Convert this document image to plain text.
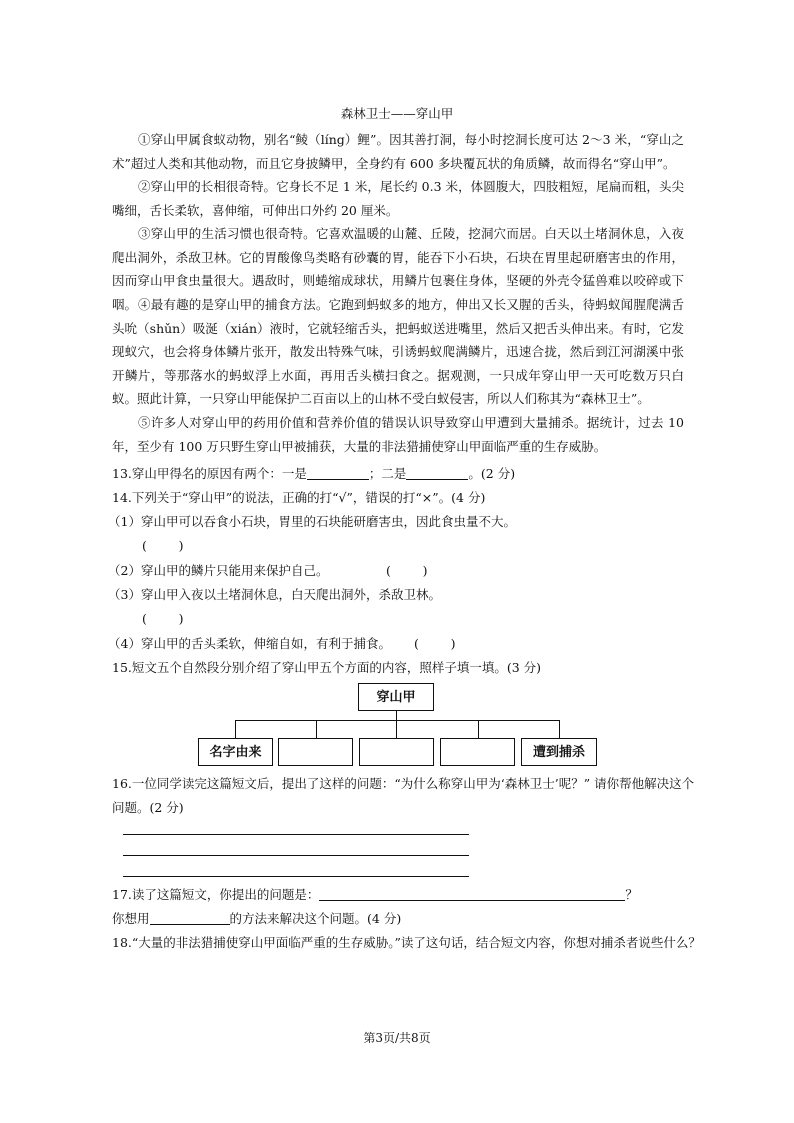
森林卫士——穿山甲
①穿山甲属食蚁动物，别名“鲮（líng）鲤”。因其善打洞，每小时挖洞长度可达 2～3 米，“穿山之术”超过人类和其他动物，而且它身披鳞甲，全身约有 600 多块覆瓦状的角质鳞，故而得名“穿山甲”。
②穿山甲的长相很奇特。它身长不足 1 米，尾长约 0.3 米，体圆腹大，四肢粗短，尾扁而粗，头尖嘴细，舌长柔软，喜伸缩，可伸出口外约 20 厘米。
③穿山甲的生活习惯也很奇特。它喜欢温暖的山麓、丘陵，挖洞穴而居。白天以土堵洞休息，入夜爬出洞外，杀敌卫林。它的胃酸像鸟类略有砂囊的胃，能吞下小石块，石块在胃里起研磨害虫的作用，因而穿山甲食虫量很大。遇敌时，则蜷缩成球状，用鳞片包裹住身体，坚硬的外壳令猛兽难以咬碎或下咽。 ④最有趣的是穿山甲的捕食方法。它跑到蚂蚁多的地方，伸出又长又腥的舌头，待蚂蚁闻腥爬满舌头吮（shǔn）吸涎（xián）液时，它就轻缩舌头，把蚂蚁送进嘴里，然后又把舌头伸出来。有时，它发现蚁穴，也会将身体鳞片张开，散发出特殊气味，引诱蚂蚁爬满鳞片，迅速合拢，然后到江河湖溪中张开鳞片，等那落水的蚂蚁浮上水面，再用舌头横扫食之。据观测，一只成年穿山甲一天可吃数万只白蚁。照此计算，一只穿山甲能保护二百亩以上的山林不受白蚁侵害，所以人们称其为“森林卫士”。
⑤许多人对穿山甲的药用价值和营养价值的错误认识导致穿山甲遭到大量捕杀。据统计，过去 10 年，至少有 100 万只野生穿山甲被捕获，大量的非法猎捕使穿山甲面临严重的生存威胁。
13.穿山甲得名的原因有两个：一是	；二是	。(2 分)
14.下列关于“穿山甲”的说法，正确的打“√”，错误的打“×”。(4 分)
（1）穿山甲可以吞食小石块，胃里的石块能研磨害虫，因此食虫量不大。
(        )
（2）穿山甲的鳞片只能用来保护自己。	(        )
（3）穿山甲入夜以土堵洞休息，白天爬出洞外，杀敌卫林。
(        )
（4）穿山甲的舌头柔软，伸缩自如，有利于捕食。	(        )
15.短文五个自然段分别介绍了穿山甲五个方面的内容，照样子填一填。(3 分)
穿山甲
名字由来	遭到捕杀
16.一位同学读完这篇短文后，提出了这样的问题：“为什么称穿山甲为‘森林卫士’呢？” 请你帮他解决这个
问题。(2 分)
17.读了这篇短文，你提出的问题是：	？
你想用	的方法来解决这个问题。(4 分)
18.“大量的非法猎捕使穿山甲面临严重的生存威胁。”读了这句话，结合短文内容，你想对捕杀者说些什么？
第3页/共8页
